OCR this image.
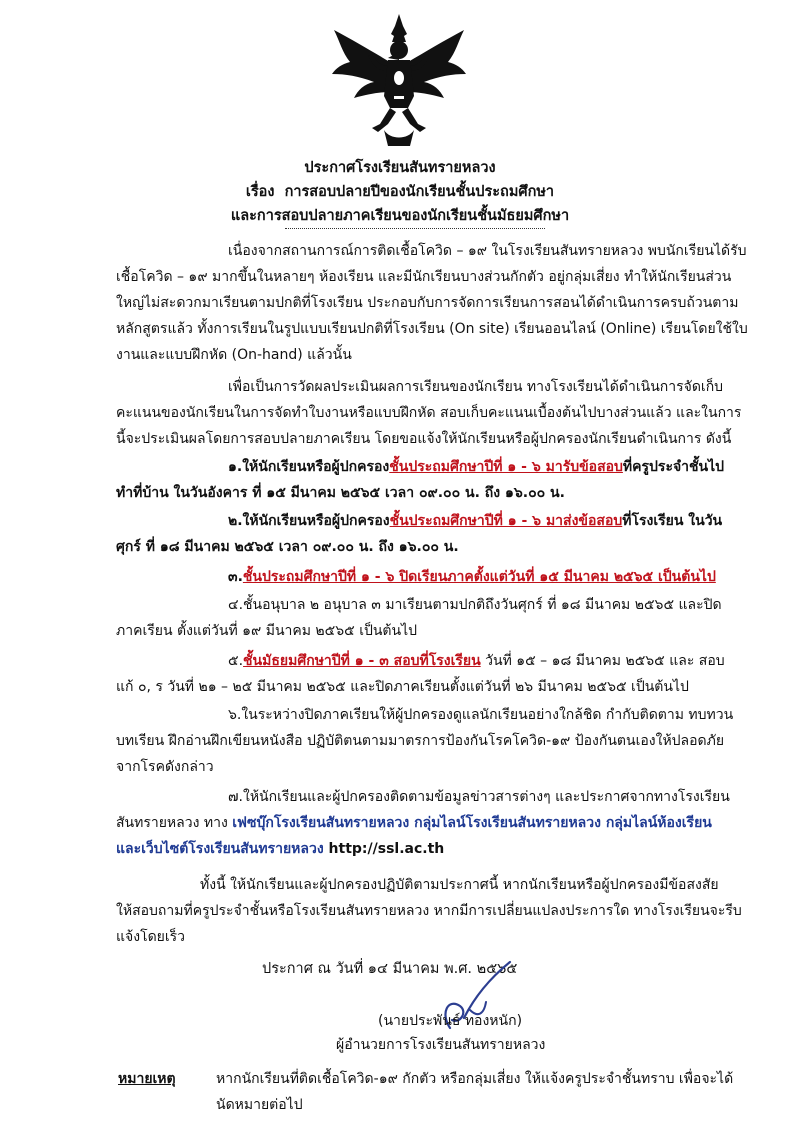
ประกาศโรงเรียนสันทรายหลวง
เรื่อง การสอบปลายปีของนักเรียนชั้นประถมศึกษา
และการสอบปลายภาคเรียนของนักเรียนชั้นมัธยมศึกษา
เนื่องจากสถานการณ์การติดเชื้อโควิด – ๑๙ ในโรงเรียนสันทรายหลวง พบนักเรียนได้รับ
เชื้อโควิด – ๑๙ มากขึ้นในหลายๆ ห้องเรียน และมีนักเรียนบางส่วนกักตัว อยู่กลุ่มเสี่ยง ทำให้นักเรียนส่วน
ใหญ่ไม่สะดวกมาเรียนตามปกติที่โรงเรียน ประกอบกับการจัดการเรียนการสอนได้ดำเนินการครบถ้วนตาม
หลักสูตรแล้ว ทั้งการเรียนในรูปแบบเรียนปกติที่โรงเรียน (On site) เรียนออนไลน์ (Online) เรียนโดยใช้ใบ
งานและแบบฝึกหัด (On-hand) แล้วนั้น
เพื่อเป็นการวัดผลประเมินผลการเรียนของนักเรียน ทางโรงเรียนได้ดำเนินการจัดเก็บ
คะแนนของนักเรียนในการจัดทำใบงานหรือแบบฝึกหัด สอบเก็บคะแนนเบื้องต้นไปบางส่วนแล้ว และในการ
นี้จะประเมินผลโดยการสอบปลายภาคเรียน โดยขอแจ้งให้นักเรียนหรือผู้ปกครองนักเรียนดำเนินการ ดังนี้
๑.ให้นักเรียนหรือผู้ปกครองชั้นประถมศึกษาปีที่ ๑ - ๖ มารับข้อสอบที่ครูประจำชั้นไป
ทำที่บ้าน ในวันอังคาร ที่ ๑๕ มีนาคม ๒๕๖๕ เวลา ๐๙.๐๐ น. ถึง ๑๖.๐๐ น.
๒.ให้นักเรียนหรือผู้ปกครองชั้นประถมศึกษาปีที่ ๑ - ๖ มาส่งข้อสอบที่โรงเรียน ในวัน
ศุกร์ ที่ ๑๘ มีนาคม ๒๕๖๕ เวลา ๐๙.๐๐ น. ถึง ๑๖.๐๐ น.
๓.ชั้นประถมศึกษาปีที่ ๑ - ๖ ปิดเรียนภาคตั้งแต่วันที่ ๑๕ มีนาคม ๒๕๖๕ เป็นต้นไป
๔.ชั้นอนุบาล ๒ อนุบาล ๓ มาเรียนตามปกติถึงวันศุกร์ ที่ ๑๘ มีนาคม ๒๕๖๕ และปิด
ภาคเรียน ตั้งแต่วันที่ ๑๙ มีนาคม ๒๕๖๕ เป็นต้นไป
๕.ชั้นมัธยมศึกษาปีที่ ๑ - ๓ สอบที่โรงเรียน วันที่ ๑๕ – ๑๘ มีนาคม ๒๕๖๕ และ สอบ
แก้ ๐, ร วันที่ ๒๑ – ๒๕ มีนาคม ๒๕๖๕ และปิดภาคเรียนตั้งแต่วันที่ ๒๖ มีนาคม ๒๕๖๕ เป็นต้นไป
๖.ในระหว่างปิดภาคเรียนให้ผู้ปกครองดูแลนักเรียนอย่างใกล้ชิด กำกับติดตาม ทบทวน
บทเรียน ฝึกอ่านฝึกเขียนหนังสือ ปฏิบัติตนตามมาตรการป้องกันโรคโควิด-๑๙ ป้องกันตนเองให้ปลอดภัย
จากโรคดังกล่าว
๗.ให้นักเรียนและผู้ปกครองติดตามข้อมูลข่าวสารต่างๆ และประกาศจากทางโรงเรียน
สันทรายหลวง ทาง เฟซบุ๊กโรงเรียนสันทรายหลวง กลุ่มไลน์โรงเรียนสันทรายหลวง กลุ่มไลน์ห้องเรียน
และเว็บไซต์โรงเรียนสันทรายหลวง http://ssl.ac.th
ทั้งนี้ ให้นักเรียนและผู้ปกครองปฏิบัติตามประกาศนี้ หากนักเรียนหรือผู้ปกครองมีข้อสงสัย
ให้สอบถามที่ครูประจำชั้นหรือโรงเรียนสันทรายหลวง หากมีการเปลี่ยนแปลงประการใด ทางโรงเรียนจะรีบ
แจ้งโดยเร็ว
ประกาศ ณ วันที่ ๑๔ มีนาคม พ.ศ. ๒๕๖๕
(นายประพันธ์ ทองหนัก)
ผู้อำนวยการโรงเรียนสันทรายหลวง
หมายเหตุ	หากนักเรียนที่ติดเชื้อโควิด-๑๙ กักตัว หรือกลุ่มเสี่ยง ให้แจ้งครูประจำชั้นทราบ เพื่อจะได้
นัดหมายต่อไป
